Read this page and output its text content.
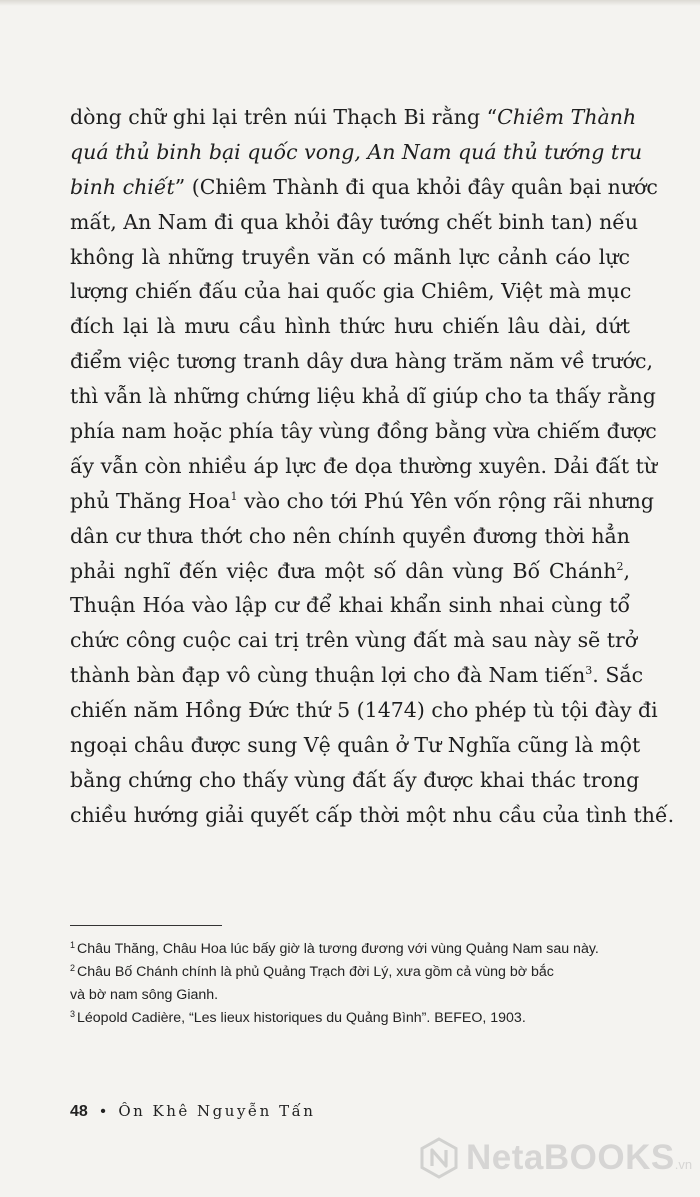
dòng chữ ghi lại trên núi Thạch Bi rằng “Chiêm Thành
quá thủ binh bại quốc vong, An Nam quá thủ tướng tru
binh chiết” (Chiêm Thành đi qua khỏi đây quân bại nước
mất, An Nam đi qua khỏi đây tướng chết binh tan) nếu
không là những truyền văn có mãnh lực cảnh cáo lực
lượng chiến đấu của hai quốc gia Chiêm, Việt mà mục
đích lại là mưu cầu hình thức hưu chiến lâu dài, dứt
điểm việc tương tranh dây dưa hàng trăm năm về trước,
thì vẫn là những chứng liệu khả dĩ giúp cho ta thấy rằng
phía nam hoặc phía tây vùng đồng bằng vừa chiếm được
ấy vẫn còn nhiều áp lực đe dọa thường xuyên. Dải đất từ
phủ Thăng Hoa$^1$ vào cho tới Phú Yên vốn rộng rãi nhưng
dân cư thưa thớt cho nên chính quyền đương thời hẳn
phải nghĩ đến việc đưa một số dân vùng Bố Chánh$^2$,
Thuận Hóa vào lập cư để khai khẩn sinh nhai cùng tổ
chức công cuộc cai trị trên vùng đất mà sau này sẽ trở
thành bàn đạp vô cùng thuận lợi cho đà Nam tiến$^3$. Sắc
chiến năm Hồng Đức thứ 5 (1474) cho phép tù tội đày đi
ngoại châu được sung Vệ quân ở Tư Nghĩa cũng là một
bằng chứng cho thấy vùng đất ấy được khai thác trong
chiều hướng giải quyết cấp thời một nhu cầu của tình thế.
$^1$ Châu Thăng, Châu Hoa lúc bấy giờ là tương đương với vùng Quảng Nam sau này.
$^2$ Châu Bố Chánh chính là phủ Quảng Trạch đời Lý, xưa gồm cả vùng bờ bắc
và bờ nam sông Gianh.
$^3$ Léopold Cadière, “Les lieux historiques du Quảng Bình”. BEFEO, 1903.
48 • Ôn Khê Nguyễn Tấn
NetaBOOKS.vn
